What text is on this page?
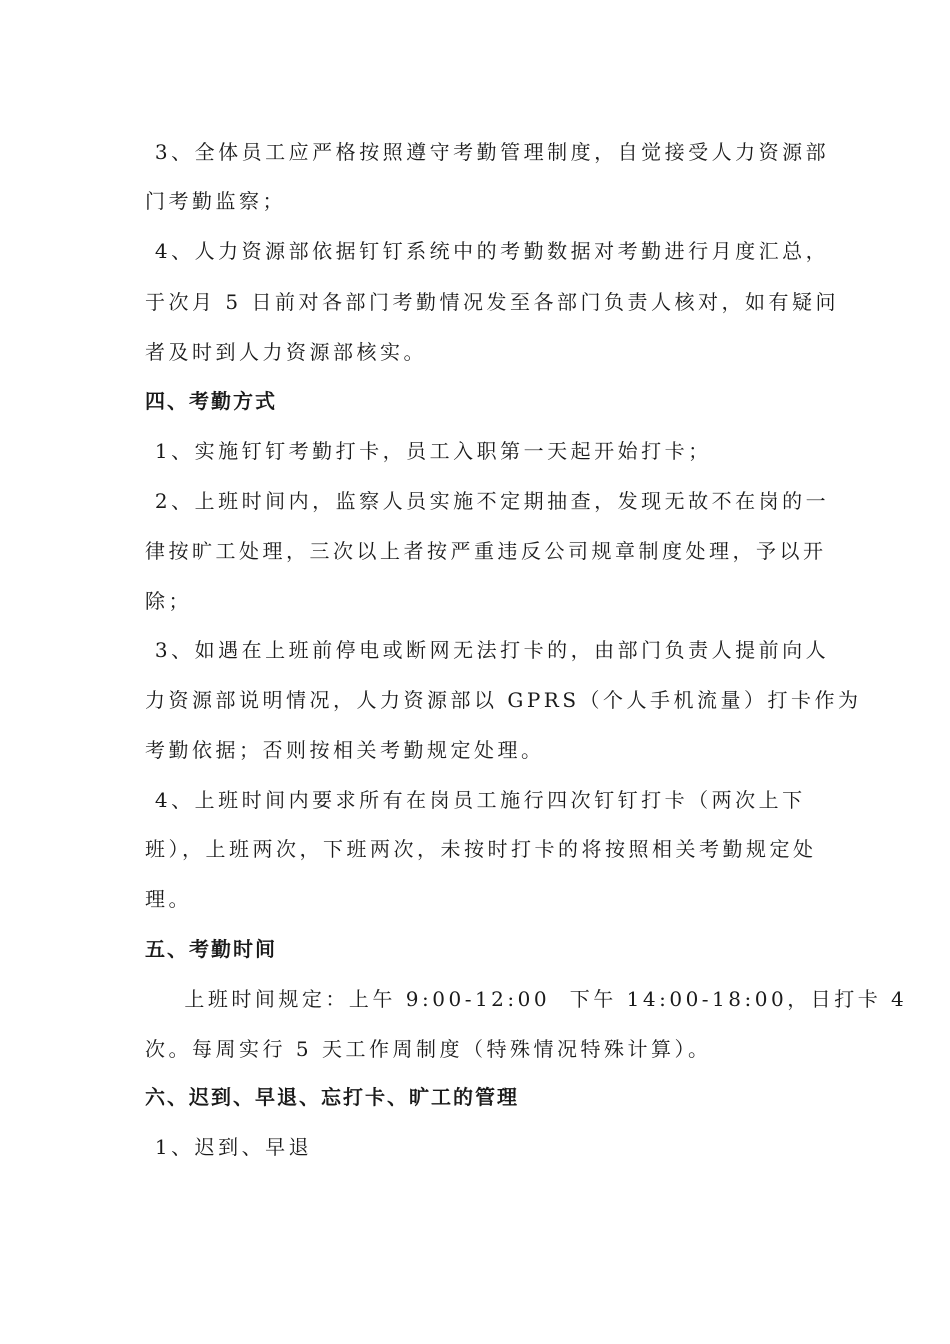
3、全体员工应严格按照遵守考勤管理制度，自觉接受人力资源部
门考勤监察；
4、人力资源部依据钉钉系统中的考勤数据对考勤进行月度汇总，
于次月 5 日前对各部门考勤情况发至各部门负责人核对，如有疑问
者及时到人力资源部核实。
四、考勤方式
1、实施钉钉考勤打卡，员工入职第一天起开始打卡；
2、上班时间内，监察人员实施不定期抽查，发现无故不在岗的一
律按旷工处理，三次以上者按严重违反公司规章制度处理，予以开
除；
3、如遇在上班前停电或断网无法打卡的，由部门负责人提前向人
力资源部说明情况，人力资源部以 GPRS（个人手机流量）打卡作为
考勤依据；否则按相关考勤规定处理。
4、上班时间内要求所有在岗员工施行四次钉钉打卡（两次上下
班），上班两次，下班两次，未按时打卡的将按照相关考勤规定处
理。
五、考勤时间
上班时间规定：上午 9:00-12:00  下午 14:00-18:00，日打卡 4
次。每周实行 5 天工作周制度（特殊情况特殊计算）。
六、迟到、早退、忘打卡、旷工的管理
1、迟到、早退
